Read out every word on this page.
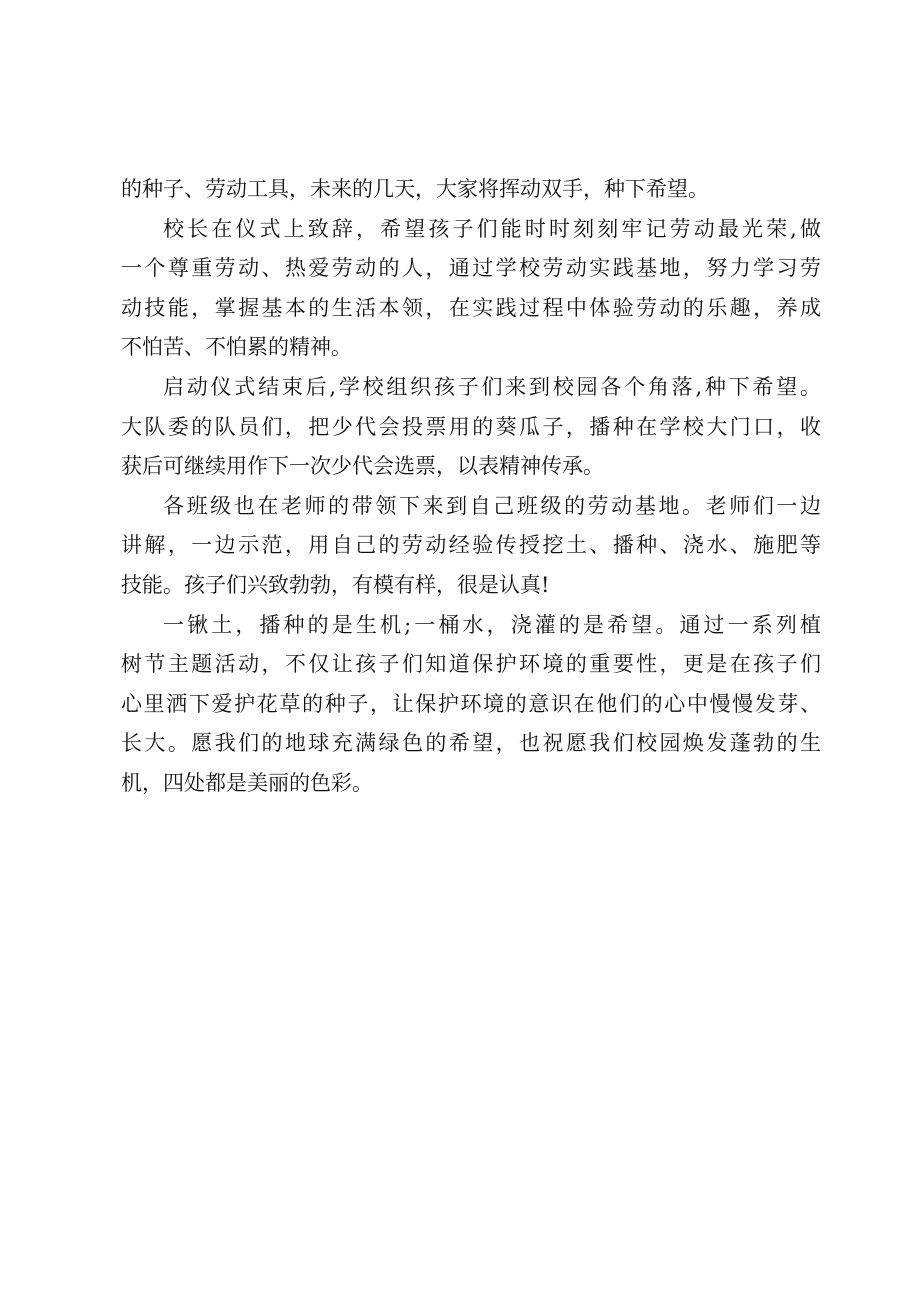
的种子、劳动工具，未来的几天，大家将挥动双手，种下希望。
校长在仪式上致辞，希望孩子们能时时刻刻牢记劳动最光荣,做
一个尊重劳动、热爱劳动的人，通过学校劳动实践基地，努力学习劳
动技能，掌握基本的生活本领，在实践过程中体验劳动的乐趣，养成
不怕苦、不怕累的精神。
启动仪式结束后,学校组织孩子们来到校园各个角落,种下希望。
大队委的队员们，把少代会投票用的葵瓜子，播种在学校大门口，收
获后可继续用作下一次少代会选票，以表精神传承。
各班级也在老师的带领下来到自己班级的劳动基地。老师们一边
讲解，一边示范，用自己的劳动经验传授挖土、播种、浇水、施肥等
技能。孩子们兴致勃勃，有模有样，很是认真!
一锹土，播种的是生机;一桶水，浇灌的是希望。通过一系列植
树节主题活动，不仅让孩子们知道保护环境的重要性，更是在孩子们
心里洒下爱护花草的种子，让保护环境的意识在他们的心中慢慢发芽、
长大。愿我们的地球充满绿色的希望，也祝愿我们校园焕发蓬勃的生
机，四处都是美丽的色彩。
